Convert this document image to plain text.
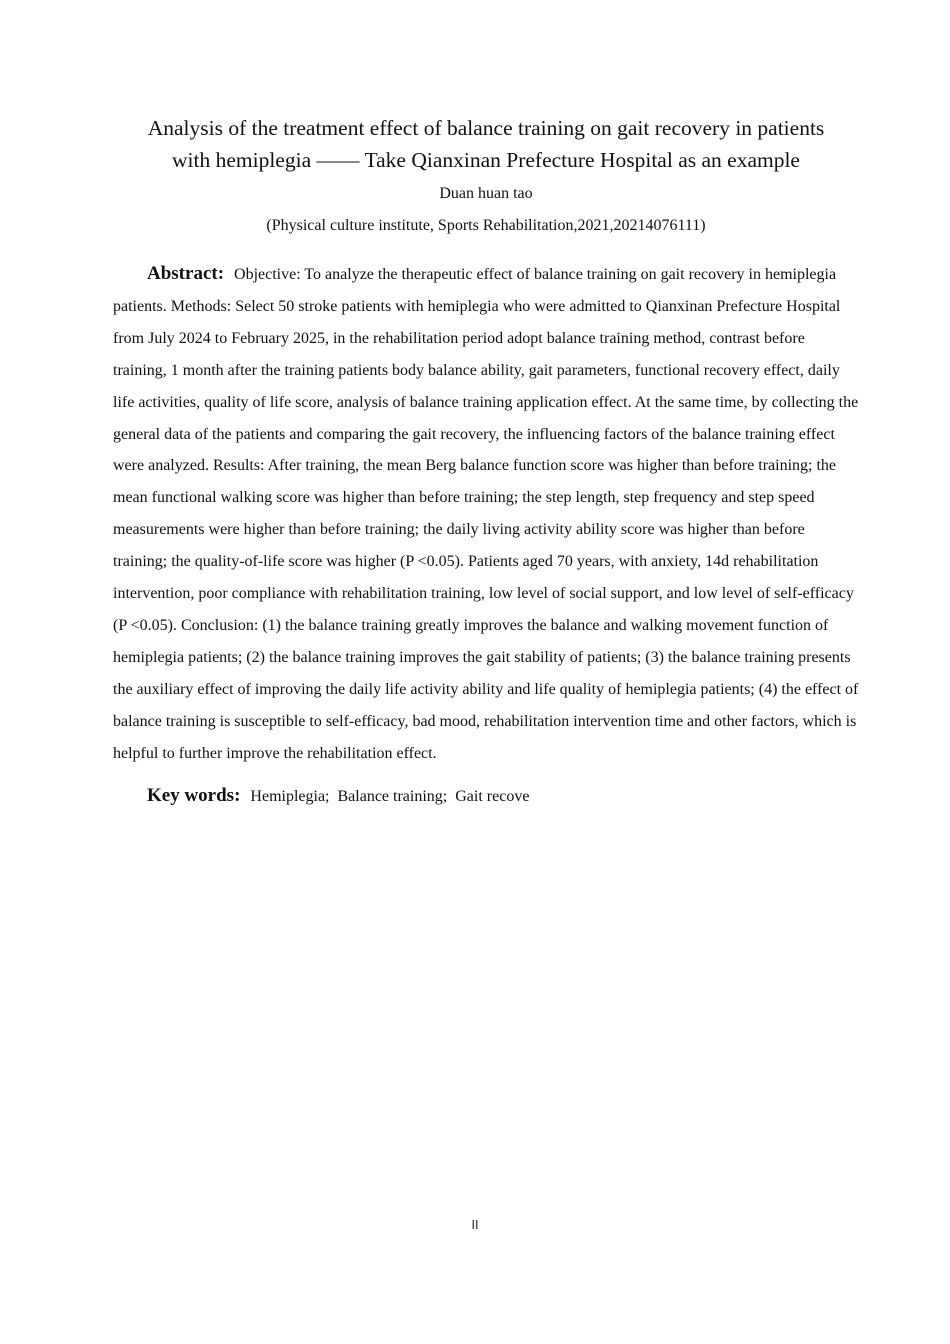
Analysis of the treatment effect of balance training on gait recovery in patients
with hemiplegia —— Take Qianxinan Prefecture Hospital as an example
Duan huan tao
(Physical culture institute, Sports Rehabilitation,2021,20214076111)

Abstract: Objective: To analyze the therapeutic effect of balance training on gait recovery in hemiplegia patients. Methods: Select 50 stroke patients with hemiplegia who were admitted to Qianxinan Prefecture Hospital from July 2024 to February 2025, in the rehabilitation period adopt balance training method, contrast before training, 1 month after the training patients body balance ability, gait parameters, functional recovery effect, daily life activities, quality of life score, analysis of balance training application effect. At the same time, by collecting the general data of the patients and comparing the gait recovery, the influencing factors of the balance training effect were analyzed. Results: After training, the mean Berg balance function score was higher than before training; the mean functional walking score was higher than before training; the step length, step frequency and step speed measurements were higher than before training; the daily living activity ability score was higher than before training; the quality-of-life score was higher (P <0.05). Patients aged 70 years, with anxiety, 14d rehabilitation intervention, poor compliance with rehabilitation training, low level of social support, and low level of self-efficacy (P <0.05). Conclusion: (1) the balance training greatly improves the balance and walking movement function of hemiplegia patients; (2) the balance training improves the gait stability of patients; (3) the balance training presents the auxiliary effect of improving the daily life activity ability and life quality of hemiplegia patients; (4) the effect of balance training is susceptible to self-efficacy, bad mood, rehabilitation intervention time and other factors, which is helpful to further improve the rehabilitation effect.

Key words: Hemiplegia; Balance training; Gait recove

II
